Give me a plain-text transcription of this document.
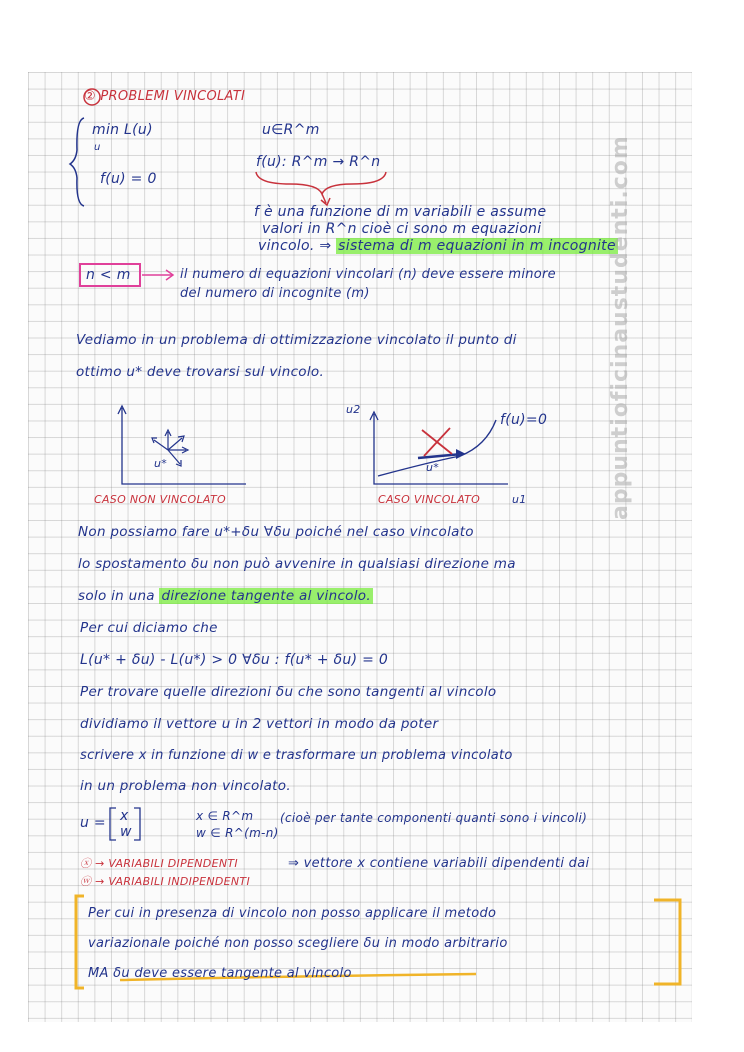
② PROBLEMI VINCOLATI
min L(u)
u
f(u) = 0
u∈R^m
f(u): R^m → R^n
f è una funzione di m variabili e assume
valori in R^n cioè ci sono m equazioni
vincolo. ⇒ sistema di m equazioni in m incognite
n < m	il numero di equazioni vincolari (n) deve essere minore
del numero di incognite (m)
Vediamo in un problema di ottimizzazione vincolato il punto di
ottimo u* deve trovarsi sul vincolo.
u*
CASO NON VINCOLATO
u2
u1
u*
f(u)=0
CASO VINCOLATO
Non possiamo fare u*+δu ∀δu poiché nel caso vincolato
lo spostamento δu non può avvenire in qualsiasi direzione ma
solo in una direzione tangente al vincolo.
Per cui diciamo che
L(u* + δu) - L(u*) > 0 ∀δu : f(u* + δu) = 0
Per trovare quelle direzioni δu che sono tangenti al vincolo
dividiamo il vettore u in 2 vettori in modo da poter
scrivere x in funzione di w e trasformare un problema vincolato
in un problema non vincolato.
u = x
w
x ∈ R^m
w ∈ R^(m-n)
(cioè per tante componenti quanti sono i vincoli)
ⓧ → VARIABILI DIPENDENTI
ⓦ → VARIABILI INDIPENDENTI
⇒ vettore x contiene variabili dipendenti dai
Per cui in presenza di vincolo non posso applicare il metodo
variazionale poiché non posso scegliere δu in modo arbitrario
MA δu deve essere tangente al vincolo
appuntioficinaustudenti.com
